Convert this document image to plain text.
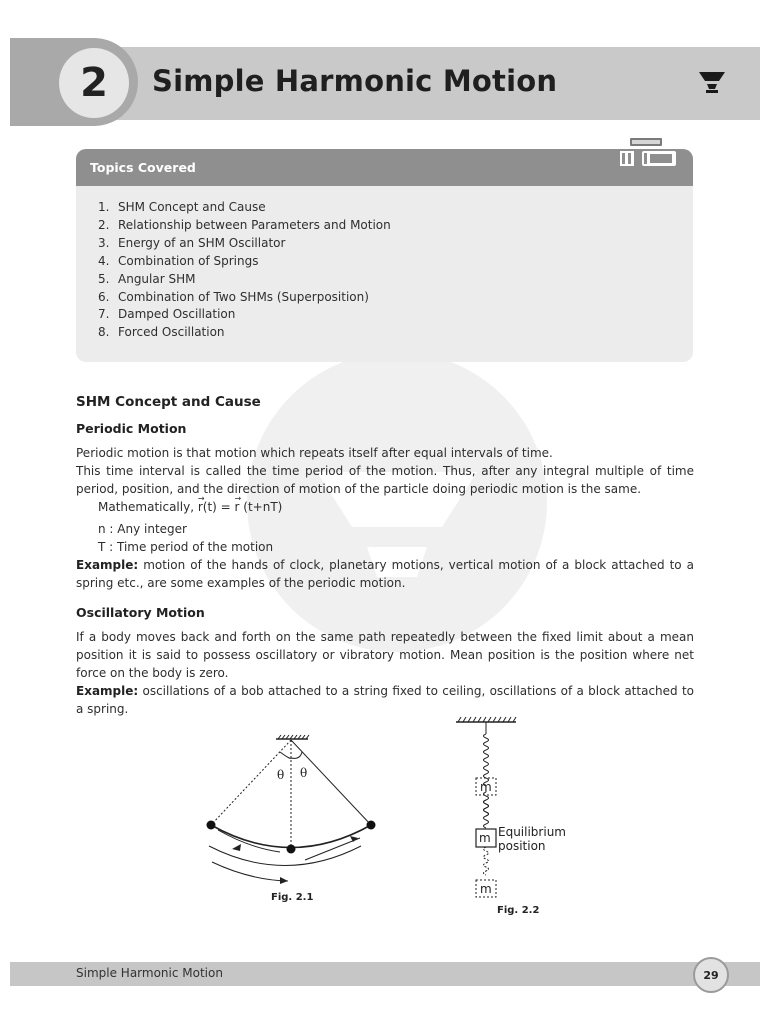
2	Simple Harmonic Motion
Topics Covered
1. SHM Concept and Cause
2. Relationship between Parameters and Motion
3. Energy of an SHM Oscillator
4. Combination of Springs
5. Angular SHM
6. Combination of Two SHMs (Superposition)
7. Damped Oscillation
8. Forced Oscillation
SHM Concept and Cause
Periodic Motion

Periodic motion is that motion which repeats itself after equal intervals of time.

This time interval is called the time period of the motion. Thus, after any integral multiple of time period, position, and the direction of motion of the particle doing periodic motion is the same.

Mathematically, → r(t) = → r (t+nT)

n : Any integer

T : Time period of the motion

Example: motion of the hands of clock, planetary motions, vertical motion of a block attached to a spring etc., are some examples of the periodic motion.

Oscillatory Motion

If a body moves back and forth on the same path repeatedly between the fixed limit about a mean position it is said to possess oscillatory or vibratory motion. Mean position is the position where net force on the body is zero.

Example: oscillations of a bob attached to a string fixed to ceiling, oscillations of a block attached to a spring.

θ θ
m
m
m
Equilibrium
position
Fig. 2.1
Fig. 2.2
Simple Harmonic Motion	29
